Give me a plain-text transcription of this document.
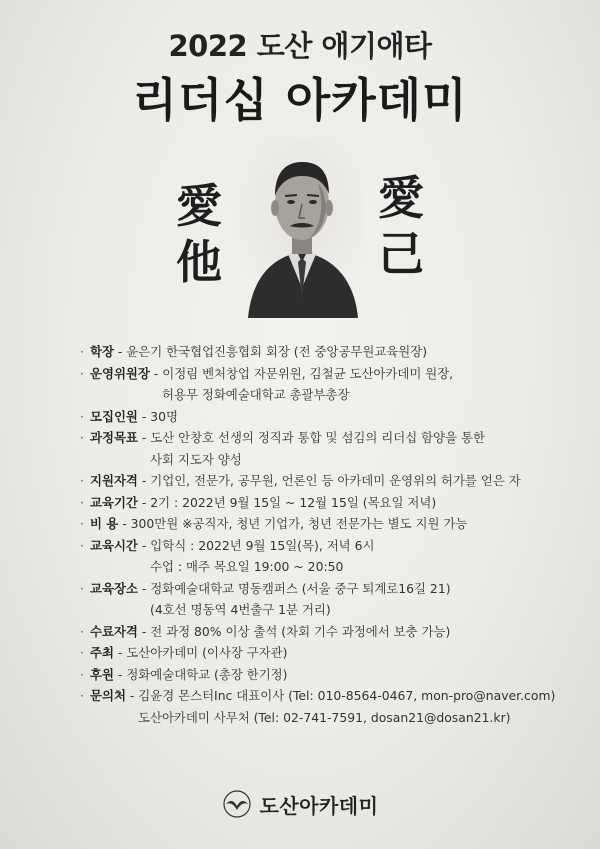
2022 도산 애기애타
리더십 아카데미
愛
他
愛
己
· 학장 - 윤은기 한국협업진흥협회 회장 (전 중앙공무원교육원장)
· 운영위원장 - 이정림 벤처창업 자문위원, 김철균 도산아카데미 원장,
허용무 정화예술대학교 총괄부총장
· 모집인원 - 30명
· 과정목표 - 도산 안창호 선생의 정직과 통합 및 섬김의 리더십 함양을 통한
사회 지도자 양성
· 지원자격 - 기업인, 전문가, 공무원, 언론인 등 아카데미 운영위의 허가를 얻은 자
· 교육기간 - 2기 : 2022년 9월 15일 ~ 12월 15일 (목요일 저녁)
· 비 용 - 300만원 ※공직자, 청년 기업가, 청년 전문가는 별도 지원 가능
· 교육시간 - 입학식 : 2022년 9월 15일(목), 저녁 6시
수업 : 매주 목요일 19:00 ~ 20:50
· 교육장소 - 정화예술대학교 명동캠퍼스 (서울 중구 퇴계로16길 21)
(4호선 명동역 4번출구 1분 거리)
· 수료자격 - 전 과정 80% 이상 출석 (차회 기수 과정에서 보충 가능)
· 주최 - 도산아카데미 (이사장 구자관)
· 후원 - 정화예술대학교 (총장 한기정)
· 문의처 - 김윤경 몬스터Inc 대표이사 (Tel: 010-8564-0467, mon-pro@naver.com)
도산아카데미 사무처 (Tel: 02-741-7591, dosan21@dosan21.kr)
도산아카데미
